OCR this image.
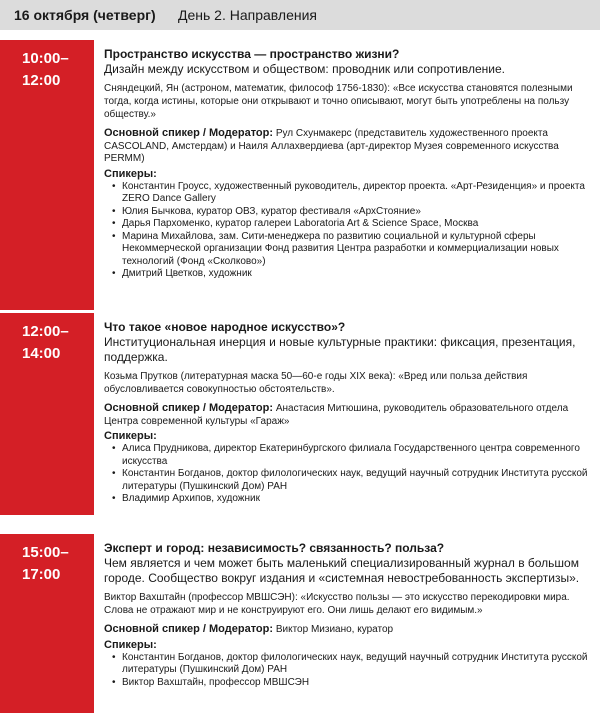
16 октября (четверг) День 2. Направления
10:00–
12:00
Пространство искусства — пространство жизни?
Дизайн между искусством и обществом: проводник или сопротивление.
Сняндецкий, Ян (астроном, математик, философ 1756-1830): «Все искусства становятся полезными тогда, когда истины, которые они открывают и точно описывают, могут быть употреблены на пользу обществу.»
Основной спикер / Модератор: Рул Схунмакерс (представитель художественного проекта CASCOLAND, Амстердам) и Наиля Аллахвердиева (арт-директор Музея современного искусства PERMM)
Спикеры:
• Константин Гроусс, художественный руководитель, директор проекта. «Арт-Резиденция» и проекта ZERO Dance Gallery
• Юлия Бычкова, куратор ОВЗ, куратор фестиваля «АрхСтояние»
• Дарья Пархоменко, куратор галереи Laboratoria Art & Science Space, Москва
• Марина Михайлова, зам. Сити-менеджера по развитию социальной и культурной сферы Некоммерческой организации Фонд развития Центра разработки и коммерциализации новых технологий (Фонд «Сколково»)
• Дмитрий Цветков, художник
12:00–
14:00
Что такое «новое народное искусство»?
Институциональная инерция и новые культурные практики: фиксация, презентация, поддержка.
Козьма Прутков (литературная маска 50—60-е годы XIX века): «Вред или польза действия обусловливается совокупностью обстоятельств».
Основной спикер / Модератор: Анастасия Митюшина, руководитель образовательного отдела Центра современной культуры «Гараж»
Спикеры:
• Алиса Прудникова, директор Екатеринбургского филиала Государственного центра современного искусства
• Константин Богданов, доктор филологических наук, ведущий научный сотрудник Института русской литературы (Пушкинский Дом) РАН
• Владимир Архипов, художник
15:00–
17:00
Эксперт и город: независимость? связанность? польза?
Чем является и чем может быть маленький специализированный журнал в большом городе. Сообщество вокруг издания и «системная невостребованность экспертизы».
Виктор Вахштайн (профессор МВШСЭН): «Искусство пользы — это искусство перекодировки мира. Слова не отражают мир и не конструируют его. Они лишь делают его видимым.»
Основной спикер / Модератор: Виктор Мизиано, куратор
Спикеры:
• Константин Богданов, доктор филологических наук, ведущий научный сотрудник Института русской литературы (Пушкинский Дом) РАН
• Виктор Вахштайн, профессор МВШСЭН
